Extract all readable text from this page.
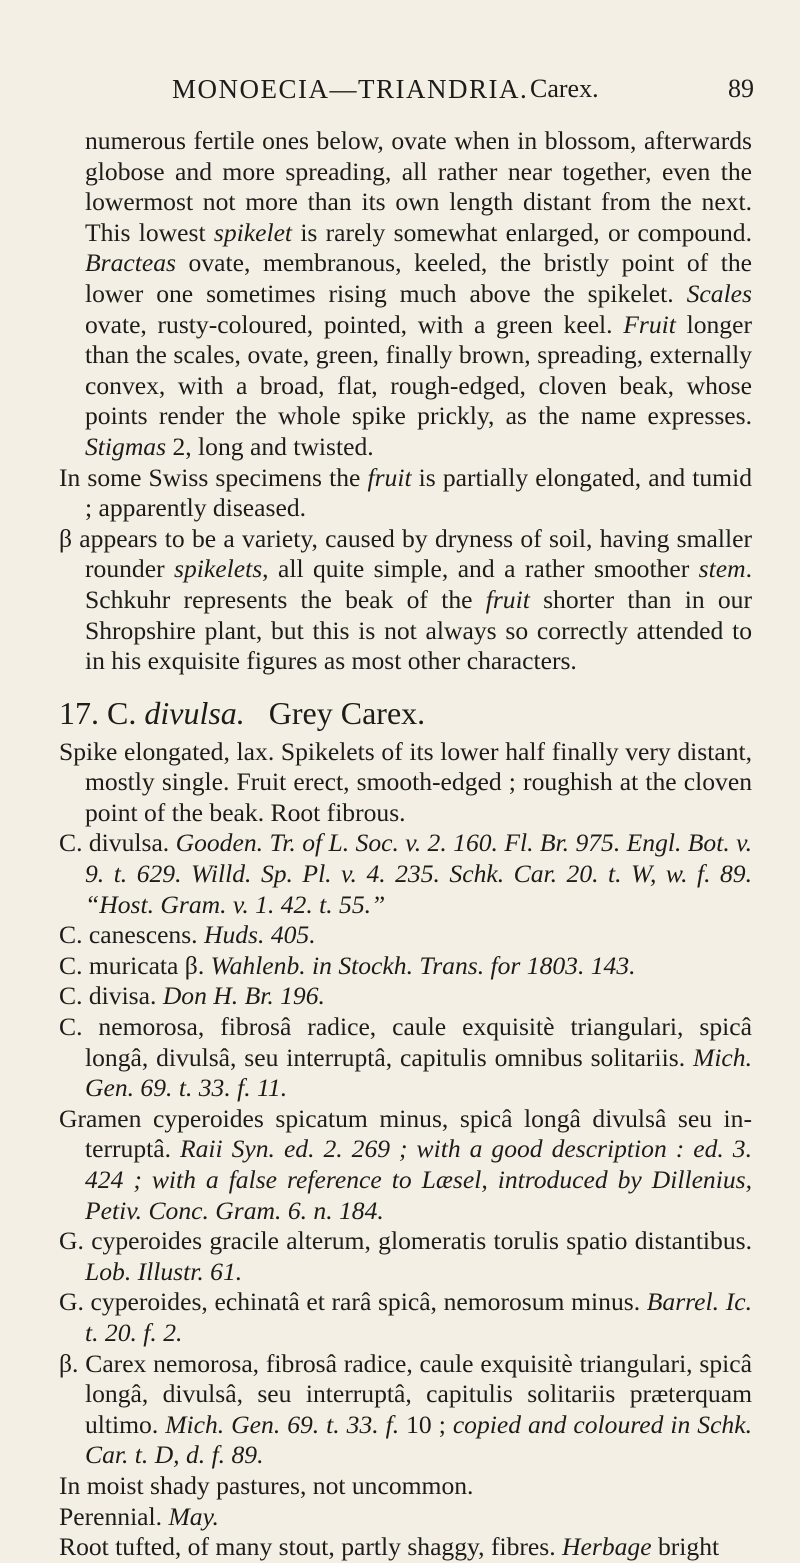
MONOECIA—TRIANDRIA. Carex.	89

numerous fertile ones below, ovate when in blossom, afterwards globose and more spreading, all rather near together, even the lowermost not more than its own length distant from the next. This lowest spikelet is rarely somewhat enlarged, or compound. Bracteas ovate, membranous, keeled, the bristly point of the lower one sometimes rising much above the spikelet. Scales ovate, rusty-coloured, pointed, with a green keel. Fruit longer than the scales, ovate, green, finally brown, spreading, externally convex, with a broad, flat, rough-edged, cloven beak, whose points render the whole spike prickly, as the name expresses. Stigmas 2, long and twisted.

In some Swiss specimens the fruit is partially elongated, and tumid ; apparently diseased.

β appears to be a variety, caused by dryness of soil, having smaller rounder spikelets, all quite simple, and a rather smoother stem. Schkuhr represents the beak of the fruit shorter than in our Shropshire plant, but this is not always so correctly attended to in his exquisite figures as most other characters.

17. C. divulsa. Grey Carex.

Spike elongated, lax. Spikelets of its lower half finally very distant, mostly single. Fruit erect, smooth-edged ; roughish at the cloven point of the beak. Root fibrous.

C. divulsa. Gooden. Tr. of L. Soc. v. 2. 160. Fl. Br. 975. Engl. Bot. v. 9. t. 629. Willd. Sp. Pl. v. 4. 235. Schk. Car. 20. t. W, w. f. 89. “Host. Gram. v. 1. 42. t. 55.”

C. canescens. Huds. 405.

C. muricata β. Wahlenb. in Stockh. Trans. for 1803. 143.

C. divisa. Don H. Br. 196.

C. nemorosa, fibrosâ radice, caule exquisitè triangulari, spicâ longâ, divulsâ, seu interruptâ, capitulis omnibus solitariis. Mich. Gen. 69. t. 33. f. 11.

Gramen cyperoides spicatum minus, spicâ longâ divulsâ seu interruptâ. Raii Syn. ed. 2. 269 ; with a good description : ed. 3. 424 ; with a false reference to Læsel, introduced by Dillenius, Petiv. Conc. Gram. 6. n. 184.

G. cyperoides gracile alterum, glomeratis torulis spatio distantibus. Lob. Illustr. 61.

G. cyperoides, echinatâ et rarâ spicâ, nemorosum minus. Barrel. Ic. t. 20. f. 2.

β. Carex nemorosa, fibrosâ radice, caule exquisitè triangulari, spicâ longâ, divulsâ, seu interruptâ, capitulis solitariis præterquam ultimo. Mich. Gen. 69. t. 33. f. 10 ; copied and coloured in Schk. Car. t. D, d. f. 89.

In moist shady pastures, not uncommon.

Perennial. May.

Root tufted, of many stout, partly shaggy, fibres. Herbage bright
